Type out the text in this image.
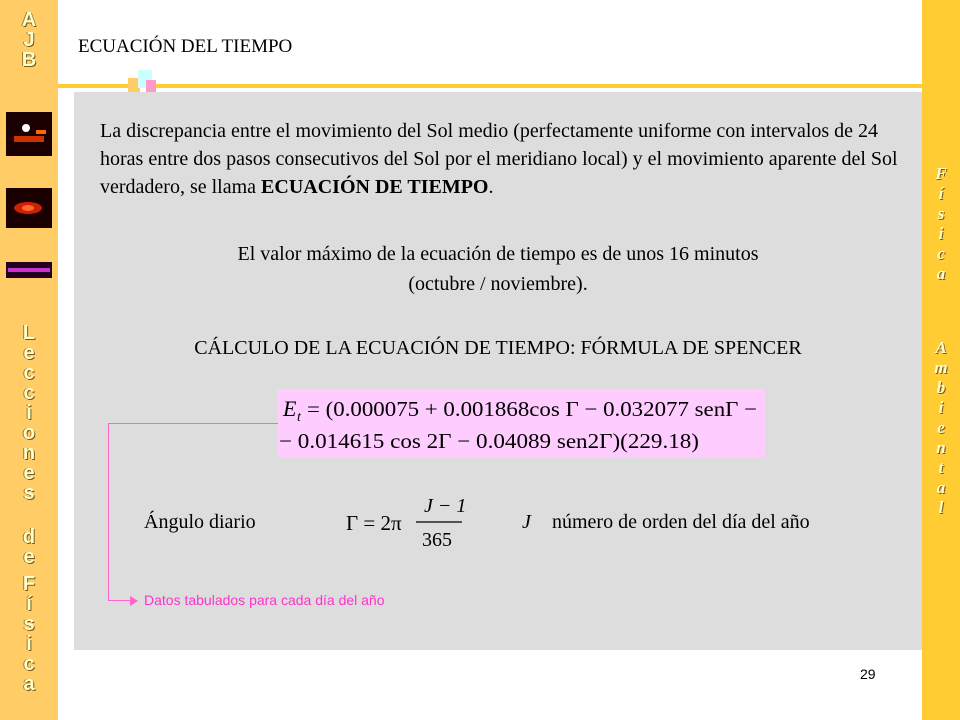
A
J
B
L
e
c
c
i
o
n
e
s
d
e
F
í
s
i
c
a
F
í
s
i
c
a
A
m
b
i
e
n
t
a
l
ECUACIÓN DEL TIEMPO
La discrepancia entre el movimiento del Sol medio (perfectamente uniforme con intervalos de 24 horas entre dos pasos consecutivos del Sol por el meridiano local) y el movimiento aparente del Sol verdadero, se llama ECUACIÓN DE TIEMPO.
El valor máximo de la ecuación de tiempo es de unos 16 minutos
(octubre / noviembre).
CÁLCULO DE LA ECUACIÓN DE TIEMPO: FÓRMULA DE SPENCER
E t = (0.000075 + 0.001868cos Γ − 0.032077 senΓ −
− 0.014615 cos 2Γ − 0.04089 sen2Γ)(229.18)
Ángulo diario	Γ = 2π
J − 1
365
J número de orden del día del año
Datos tabulados para cada día del año
29
